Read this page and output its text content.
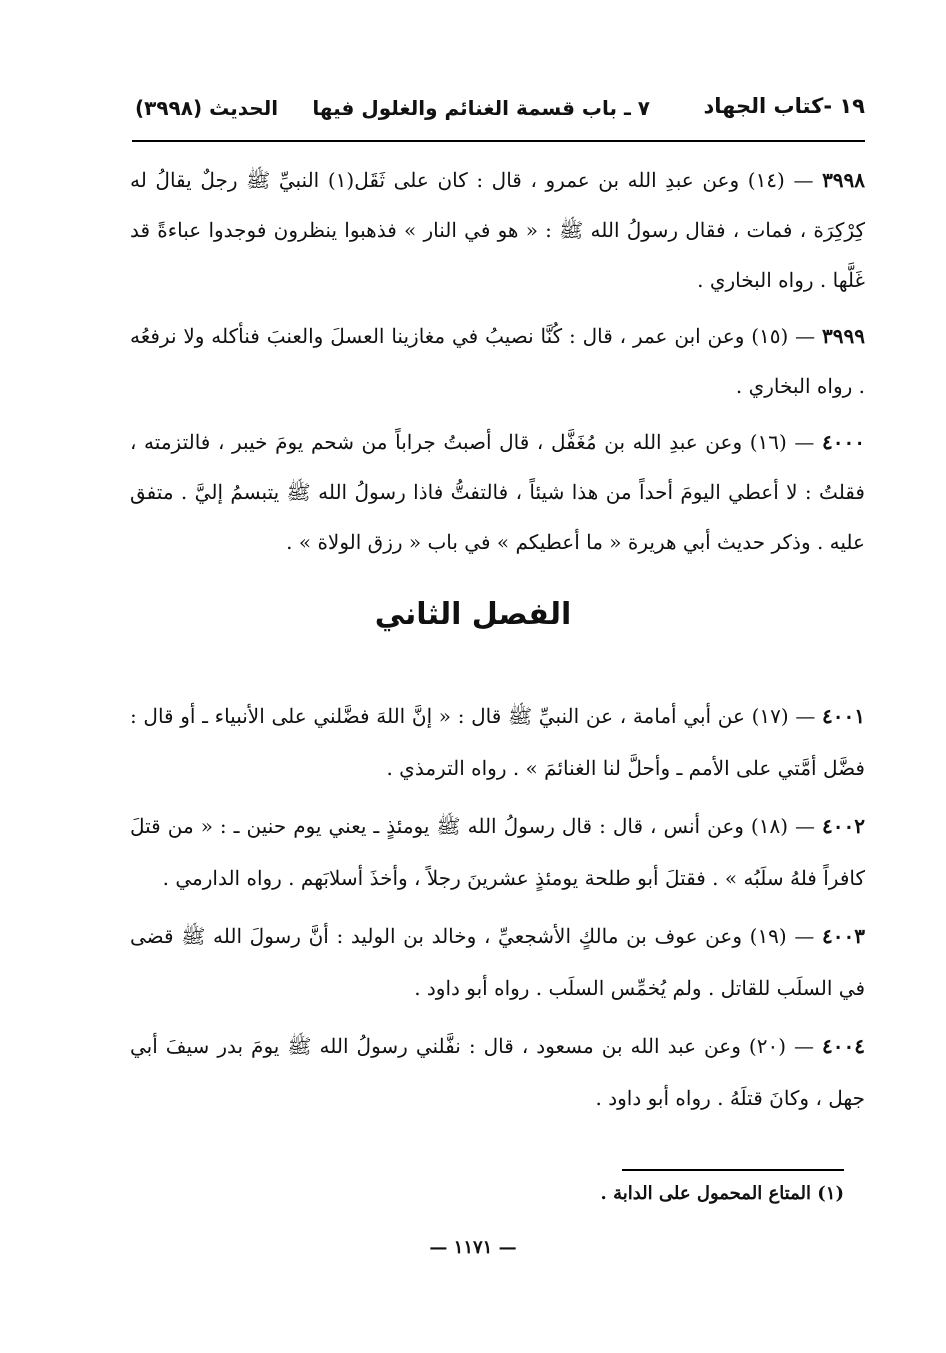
١٩ -كتاب الجهاد
٧ ـ باب قسمة الغنائم والغلول فيها
الحديث (٣٩٩٨)

٣٩٩٨ — (١٤) وعن عبدِ الله بن عمرو ، قال : كان على ثَقَل(١) النبيِّ ﷺ رجلٌ يقالُ له كِرْكِرَة ، فمات ، فقال رسولُ الله ﷺ : « هو في النار » فذهبوا ينظرون فوجدوا عباءةً قد غَلَّها . رواه البخاري .

٣٩٩٩ — (١٥) وعن ابن عمر ، قال : كُنَّا نصيبُ في مغازينا العسلَ والعنبَ فنأكله ولا نرفعُه . رواه البخاري .

٤٠٠٠ — (١٦) وعن عبدِ الله بن مُغَفَّل ، قال أصبتُ جراباً من شحم يومَ خيبر ، فالتزمته ، فقلتُ : لا أعطي اليومَ أحداً من هذا شيئاً ، فالتفتُّ فاذا رسولُ الله ﷺ يتبسمُ إليَّ . متفق عليه . وذكر حديث أبي هريرة « ما أعطيكم » في باب « رزق الولاة » .

الفصل الثاني

٤٠٠١ — (١٧) عن أبي أمامة ، عن النبيِّ ﷺ قال : « إنَّ اللهَ فضَّلني على الأنبياء ـ أو قال : فضَّل أمَّتي على الأمم ـ وأحلَّ لنا الغنائمَ » . رواه الترمذي .

٤٠٠٢ — (١٨) وعن أنس ، قال : قال رسولُ الله ﷺ يومئذٍ ـ يعني يوم حنين ـ : « من قتلَ كافراً فلهُ سلَبُه » . فقتلَ أبو طلحة يومئذٍ عشرينَ رجلاً ، وأخذَ أسلابَهم . رواه الدارمي .

٤٠٠٣ — (١٩) وعن عوف بن مالكٍ الأشجعيِّ ، وخالد بن الوليد : أنَّ رسولَ الله ﷺ قضى في السلَب للقاتل . ولم يُخمِّس السلَب . رواه أبو داود .

٤٠٠٤ — (٢٠) وعن عبد الله بن مسعود ، قال : نفَّلني رسولُ الله ﷺ يومَ بدر سيفَ أبي جهل ، وكانَ قتلَهُ . رواه أبو داود .

(١) المتاع المحمول على الدابة .
— ١١٧١ —
